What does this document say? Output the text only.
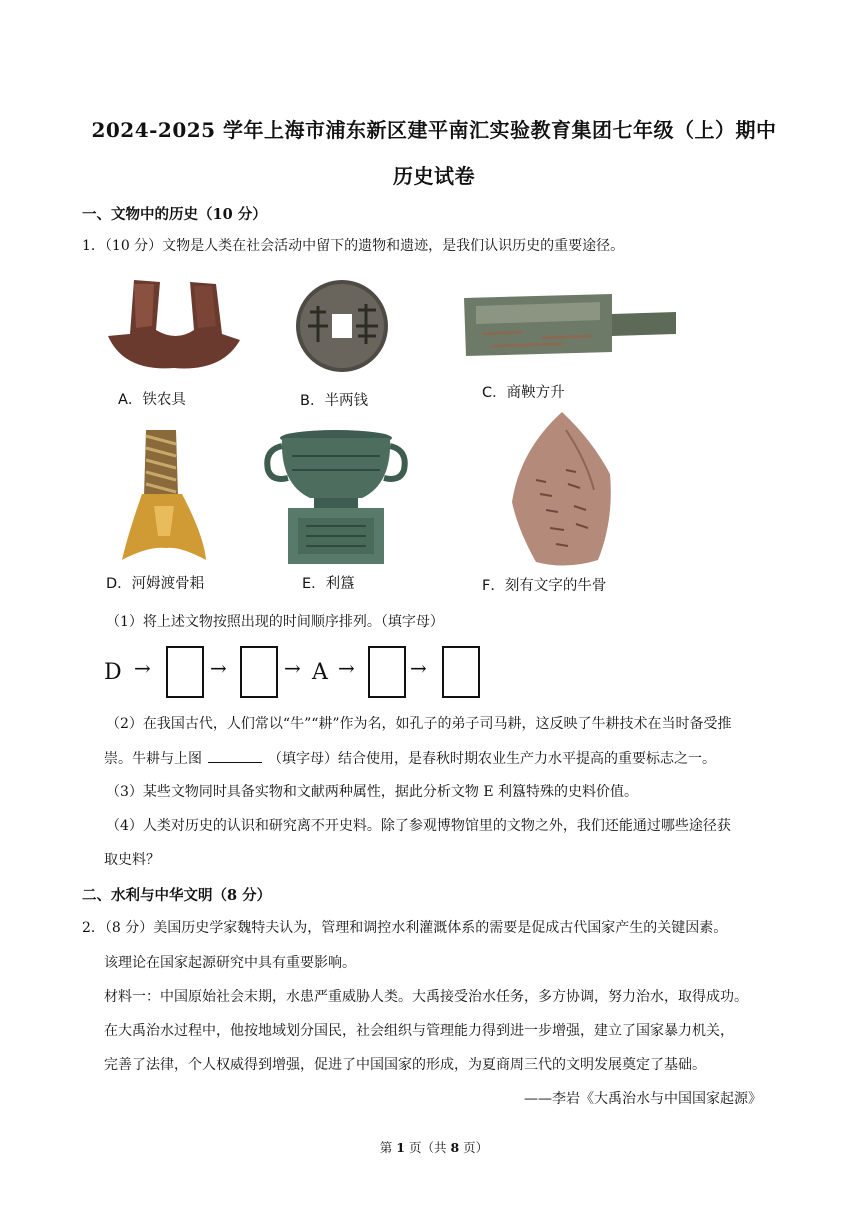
2024-2025 学年上海市浦东新区建平南汇实验教育集团七年级（上）期中
历史试卷
一、文物中的历史（10 分）
1．（10 分）文物是人类在社会活动中留下的遗物和遗迹，是我们认识历史的重要途径。
A．铁农具	B．半两钱	C．商鞅方升
D．河姆渡骨耜	E．利簋	F．刻有文字的牛骨
（1）将上述文物按照出现的时间顺序排列。（填字母）
D →	→	→ A →	→
（2）在我国古代，人们常以“牛”“耕”作为名，如孔子的弟子司马耕，这反映了牛耕技术在当时备受推
崇。牛耕与上图	（填字母）结合使用，是春秋时期农业生产力水平提高的重要标志之一。
（3）某些文物同时具备实物和文献两种属性，据此分析文物 E 利簋特殊的史料价值。
（4）人类对历史的认识和研究离不开史料。除了参观博物馆里的文物之外，我们还能通过哪些途径获
取史料？
二、水利与中华文明（8 分）
2．（8 分）美国历史学家魏特夫认为，管理和调控水利灌溉体系的需要是促成古代国家产生的关键因素。
该理论在国家起源研究中具有重要影响。
材料一：中国原始社会末期，水患严重威胁人类。大禹接受治水任务，多方协调，努力治水，取得成功。
在大禹治水过程中，他按地域划分国民，社会组织与管理能力得到进一步增强，建立了国家暴力机关，
完善了法律，个人权威得到增强，促进了中国国家的形成，为夏商周三代的文明发展奠定了基础。
——李岩《大禹治水与中国国家起源》
第 1 页（共 8 页）
